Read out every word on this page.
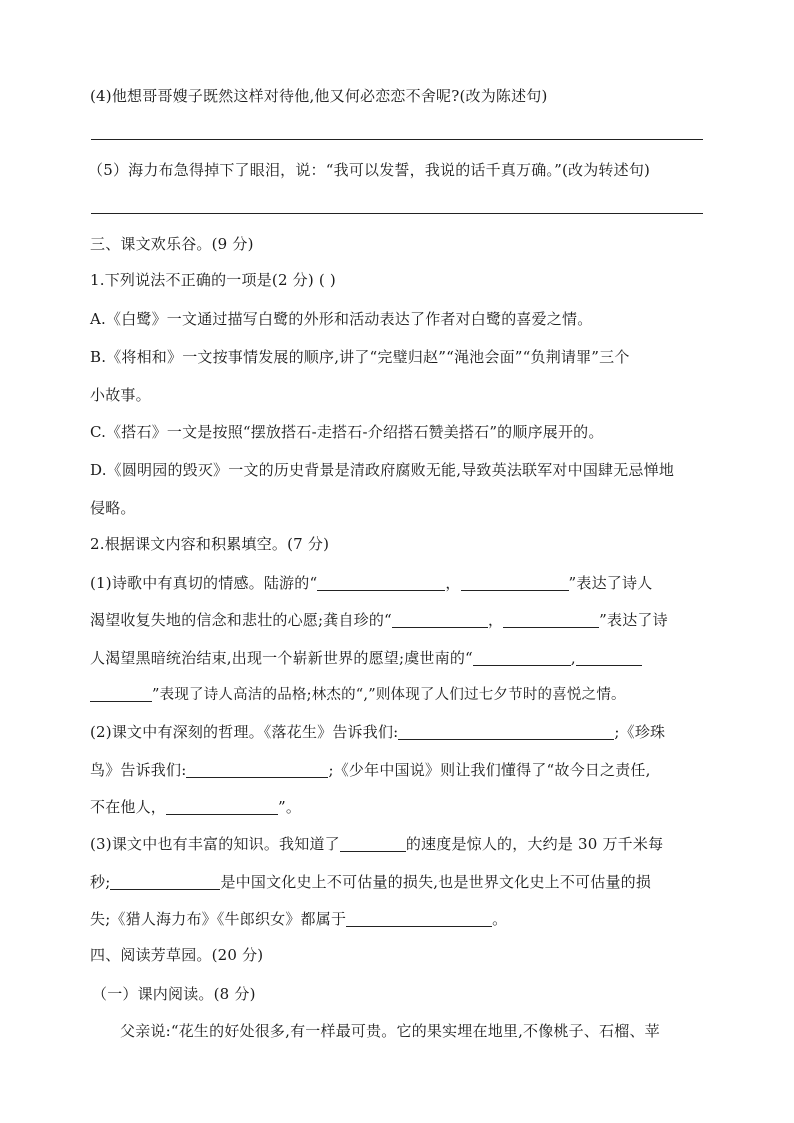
(4)他想哥哥嫂子既然这样对待他,他又何必恋恋不舍呢?(改为陈述句)
（5）海力布急得掉下了眼泪，说：“我可以发誓，我说的话千真万确。”(改为转述句)
三、课文欢乐谷。(9 分)
1.下列说法不正确的一项是(2 分) ( )
A.《白鹭》一文通过描写白鹭的外形和活动表达了作者对白鹭的喜爱之情。
B.《将相和》一文按事情发展的顺序,讲了“完璧归赵”“渑池会面”“负荆请罪”三个
小故事。
C.《搭石》一文是按照“摆放搭石-走搭石-介绍搭石赞美搭石”的顺序展开的。
D.《圆明园的毁灭》一文的历史背景是清政府腐败无能,导致英法联军对中国肆无忌惮地
侵略。
2.根据课文内容和积累填空。(7 分)
(1)诗歌中有真切的情感。陆游的“	，	”表达了诗人
渴望收复失地的信念和悲壮的心愿;龚自珍的“	，	”表达了诗
人渴望黑暗统治结束,出现一个崭新世界的愿望;虞世南的“	,
”表现了诗人高洁的品格;林杰的“,”则体现了人们过七夕节时的喜悦之情。
(2)课文中有深刻的哲理。《落花生》告诉我们:	;《珍珠
鸟》告诉我们:	;《少年中国说》则让我们懂得了“故今日之责任,
不在他人，	”。
(3)课文中也有丰富的知识。我知道了	的速度是惊人的，大约是 30 万千米每
秒;	是中国文化史上不可估量的损失,也是世界文化史上不可估量的损
失;《猎人海力布》《牛郎织女》都属于	。
四、阅读芳草园。(20 分)
（一）课内阅读。(8 分)
父亲说:“花生的好处很多,有一样最可贵。它的果实埋在地里,不像桃子、石榴、苹
